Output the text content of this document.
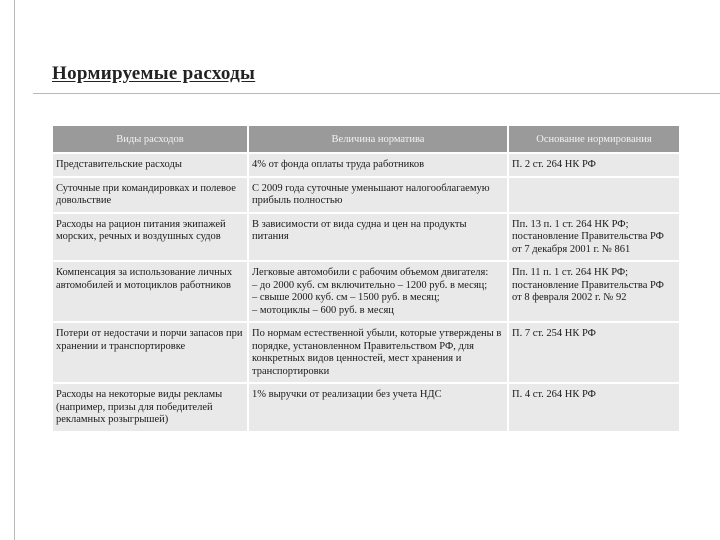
Нормируемые расходы
Виды расходов	Величина норматива	Основание нормирования
Представительские расходы	4% от фонда оплаты труда работников	П. 2 ст. 264 НК РФ
Суточные при командировках и полевое довольствие	С 2009 года суточные уменьшают налогооблагаемую прибыль полностью	
Расходы на рацион питания экипажей морских, речных и воздушных судов	В зависимости от вида судна и цен на продукты питания	Пп. 13 п. 1 ст. 264 НК РФ; постановление Правительства РФ от 7 декабря 2001 г. № 861
Компенсация за использование личных автомобилей и мотоциклов работников	Легковые автомобили с рабочим объемом двигателя:
– до 2000 куб. см включительно – 1200 руб. в месяц;
– свыше 2000 куб. см – 1500 руб. в месяц;
– мотоциклы – 600 руб. в месяц	Пп. 11 п. 1 ст. 264 НК РФ; постановление Правительства РФ от 8 февраля 2002 г. № 92
Потери от недостачи и порчи запасов при хранении и транспортировке	По нормам естественной убыли, которые утверждены в порядке, установленном Правительством РФ, для конкретных видов ценностей, мест хранения и транспортировки	П. 7 ст. 254 НК РФ
Расходы на некоторые виды рекламы (например, призы для победителей рекламных розыгрышей)	1% выручки от реализации без учета НДС	П. 4 ст. 264 НК РФ
